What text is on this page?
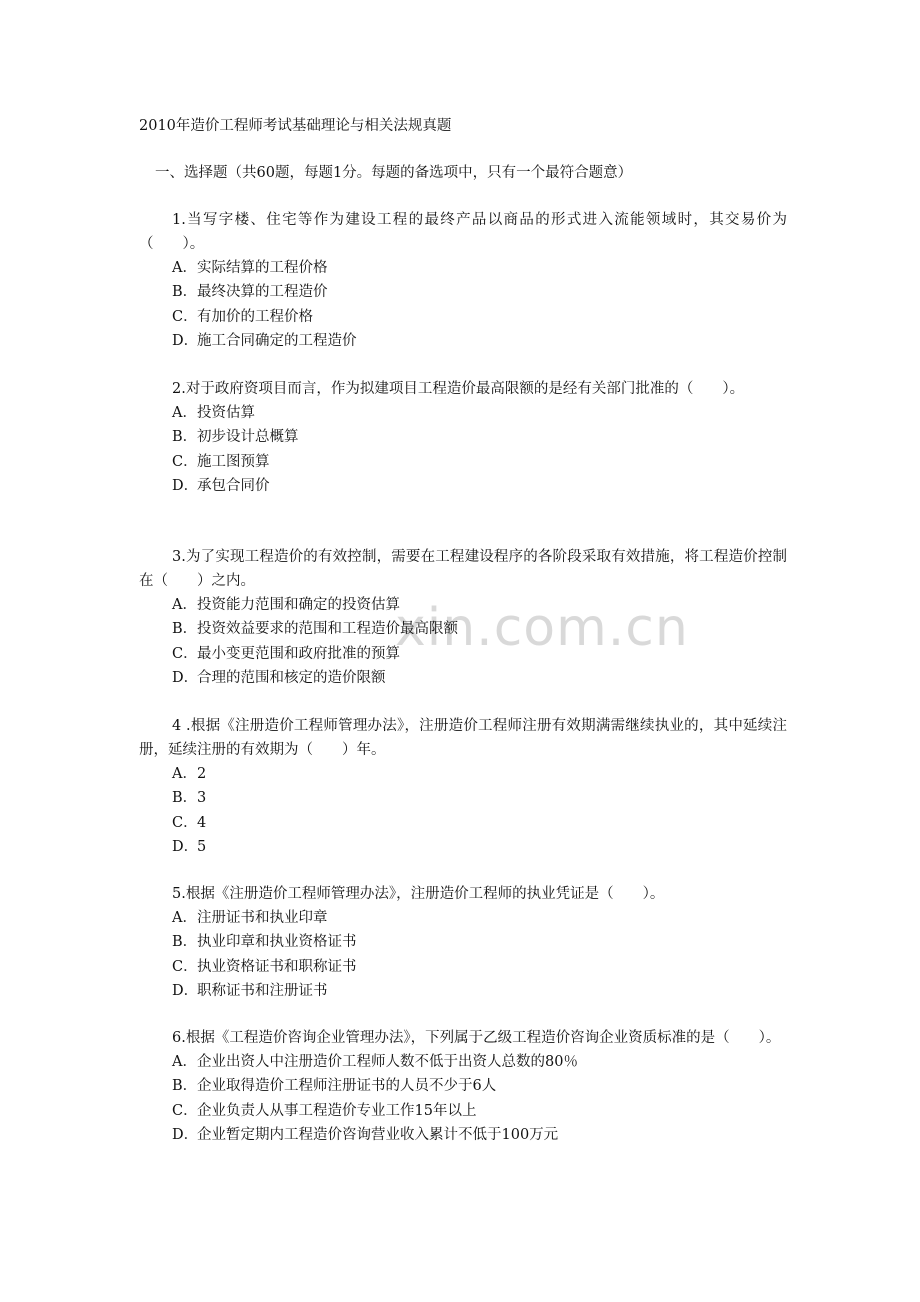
xin.com.cn
2010年造价工程师考试基础理论与相关法规真题
一、选择题（共60题，每题1分。每题的备选项中，只有一个最符合题意）

1.当写字楼、住宅等作为建设工程的最终产品以商品的形式进入流能领域时，其交易价为（　　）。

A．实际结算的工程价格
B．最终决算的工程造价
C．有加价的工程价格
D．施工合同确定的工程造价

2.对于政府资项目而言，作为拟建项目工程造价最高限额的是经有关部门批准的（　　）。

A．投资估算
B．初步设计总概算
C．施工图预算
D．承包合同价

3.为了实现工程造价的有效控制，需要在工程建设程序的各阶段采取有效措施，将工程造价控制在（　　）之内。

A．投资能力范围和确定的投资估算
B．投资效益要求的范围和工程造价最高限额
C．最小变更范围和政府批准的预算
D．合理的范围和核定的造价限额

4 .根据《注册造价工程师管理办法》，注册造价工程师注册有效期满需继续执业的，其中延续注册，延续注册的有效期为（　　）年。

A．2
B．3
C．4
D．5

5.根据《注册造价工程师管理办法》，注册造价工程师的执业凭证是（　　）。

A．注册证书和执业印章
B．执业印章和执业资格证书
C．执业资格证书和职称证书
D．职称证书和注册证书

6.根据《工程造价咨询企业管理办法》，下列属于乙级工程造价咨询企业资质标准的是（　　）。

A．企业出资人中注册造价工程师人数不低于出资人总数的80％
B．企业取得造价工程师注册证书的人员不少于6人
C．企业负责人从事工程造价专业工作15年以上
D．企业暂定期内工程造价咨询营业收入累计不低于100万元
